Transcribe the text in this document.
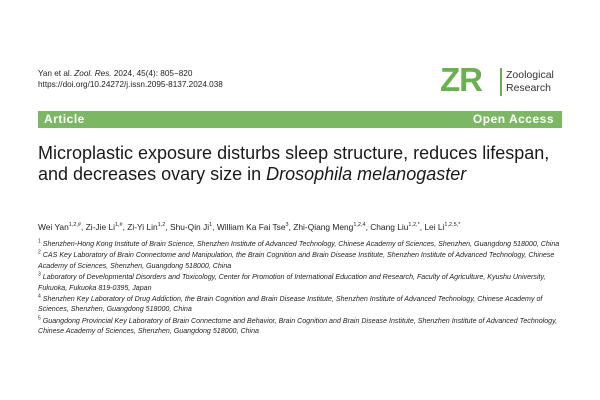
Yan et al. Zool. Res. 2024, 45(4): 805−820
https://doi.org/10.24272/j.issn.2095-8137.2024.038	ZR Zoological
Research
Article	Open Access
Microplastic exposure disturbs sleep structure, reduces lifespan, and decreases ovary size in Drosophila melanogaster
Wei Yan$^{1,2,\#}$, Zi-Jie $Li^{1,\#}$, Zi-Yi Lin$^{1,2}$, Shu-Qin Ji$^1$, William Ka Fai Tse$^3$, Zhi-Qiang Meng$^{1,2,4}$, Chang Liu$^{1,2,*}$, Lei $Li^{1,2,5,*}$
$^1$ Shenzhen-Hong Kong Institute of Brain Science, Shenzhen Institute of Advanced Technology, Chinese Academy of Sciences, Shenzhen, Guangdong 518000, China
$^2$ CAS Key Laboratory of Brain Connectome and Manipulation, the Brain Cognition and Brain Disease Institute, Shenzhen Institute of Advanced Technology, Chinese Academy of Sciences, Shenzhen, Guangdong 518000, China
$^3$ Laboratory of Developmental Disorders and Toxicology, Center for Promotion of International Education and Research, Faculty of Agriculture, Kyushu University, Fukuoka, Fukuoka 819-0395, Japan
$^4$ Shenzhen Key Laboratory of Drug Addiction, the Brain Cognition and Brain Disease Institute, Shenzhen Institute of Advanced Technology, Chinese Academy of Sciences, Shenzhen, Guangdong 518000, China
$^5$ Guangdong Provincial Key Laboratory of Brain Connectome and Behavior, Brain Cognition and Brain Disease Institute, Shenzhen Institute of Advanced Technology, Chinese Academy of Sciences, Shenzhen, Guangdong 518000, China
